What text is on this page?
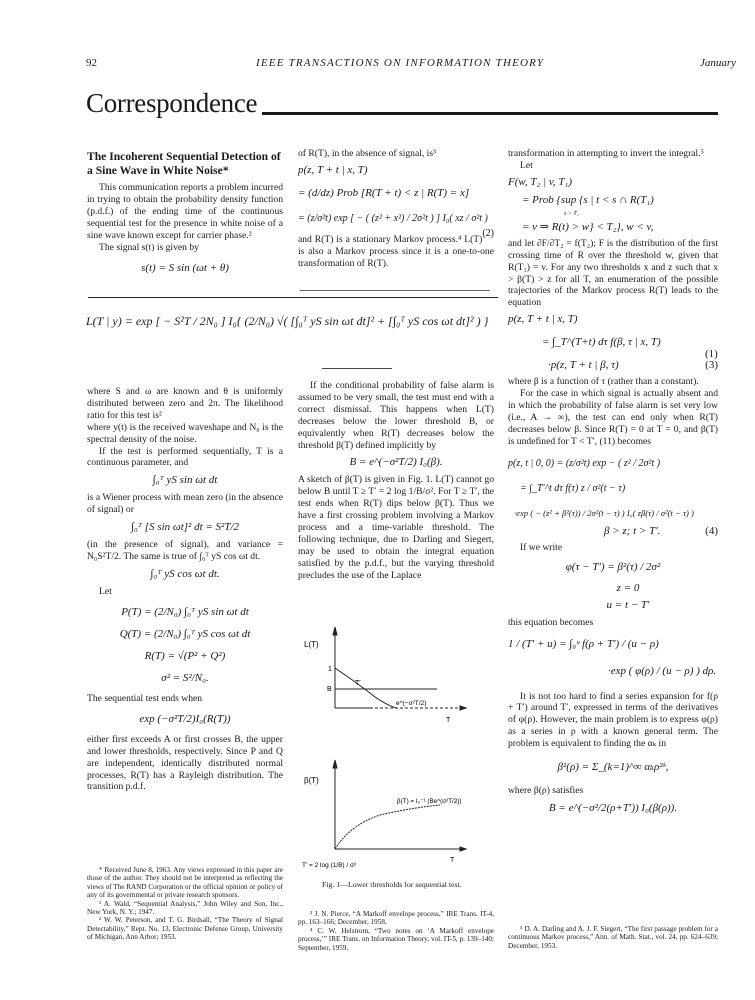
92	IEEE TRANSACTIONS ON INFORMATION THEORY	January
Correspondence
The Incoherent Sequential Detection of a Sine Wave in White Noise*

This communication reports a problem incurred in trying to obtain the probability density function (p.d.f.) of the ending time of the continuous sequential test for the presence in white noise of a sine wave known except for carrier phase.²

The signal s(t) is given by

s(t) = S sin (ωt + θ)
L(T | y) = exp [ − S²T / 2N₀ ] I₀{ (2/N₀) √( [∫₀ᵀ yS sin ωt dt]² + [∫₀ᵀ yS cos ωt dt]² ) }
(1)

where S and ω are known and θ is uniformly distributed between zero and 2π. The likelihood ratio for this test is²

where y(t) is the received waveshape and N₀ is the spectral density of the noise.

If the test is performed sequentially, T is a continuous parameter, and

∫₀ᵀ yS sin ωt dt

is a Wiener process with mean zero (in the absence of signal) or

∫₀ᵀ [S sin ωt]² dt = S²T/2

(in the presence of signal), and variance = N₀S²T/2. The same is true of ∫₀ᵀ yS cos ωt dt.

∫₀ᵀ yS cos ωt dt.

Let

P(T) = (2/N₀) ∫₀ᵀ yS sin ωt dt
Q(T) = (2/N₀) ∫₀ᵀ yS cos ωt dt
R(T) = √(P² + Q²)
σ² = S²/N₀.

The sequential test ends when

exp (−σ²T/2)I₀(R(T))

either first exceeds A or first crosses B, the upper and lower thresholds, respectively. Since P and Q are independent, identically distributed normal processes, R(T) has a Rayleigh distribution. The transition p.d.f.

* Received June 8, 1963. Any views expressed in this paper are those of the author. They should not be interpreted as reflecting the views of The RAND Corporation or the official opinion or policy of any of its governmental or private research sponsors.

¹ A. Wald, “Sequential Analysis,” John Wiley and Son, Inc., New York, N. Y.; 1947.

² W. W. Peterson, and T. G. Birdsall, “The Theory of Signal Detectability,” Rept. No. 13, Electronic Defense Group, University of Michigan, Ann Arbor; 1953.

of R(T), in the absence of signal, is³

p(z, T + t | x, T)
= (d/dz) Prob [R(T + t) < z | R(T) = x]
= (z/σ²t) exp [ − ( (z² + x²) / 2σ²t ) ] I₀( xz / σ²t )
(2)

and R(T) is a stationary Markov process.⁴ L(T) is also a Markov process since it is a one-to-one transformation of R(T).

If the conditional probability of false alarm is assumed to be very small, the test must end with a correct dismissal. This happens when L(T) decreases below the lower threshold B, or equivalently when R(T) decreases below the threshold β(T) defined implicitly by

B = e^(−σ²T/2) I₀(β).

A sketch of β(T) is given in Fig. 1. L(T) cannot go below B until T ≥ T′ = 2 log 1/B/σ². For T ≥ T′, the test ends when R(T) dips below β(T). Thus we have a first crossing problem involving a Markov process and a time-variable threshold. The following technique, due to Darling and Siegert, may be used to obtain the integral equation satisfied by the p.d.f., but the varying threshold precludes the use of the Laplace

L(T)
1
B
T′
e^(−σ²T/2)
T
β(T)
β(T) = I₀⁻¹ (Be^(σ²T/2))
T′ = 2 log (1/B) / σ²
T
Fig. 1—Lower thresholds for sequential test.

³ J. N. Pierce, “A Markoff envelope process,” IRE Trans. IT-4, pp. 163–166; December, 1958.

⁴ C. W. Helstrom, “Two notes on ‘A Markoff envelope process,’” IRE Trans. on Information Theory, vol. IT-5, p. 139–140; September, 1959.

transformation in attempting to invert the integral.⁵

Let

F(w, T₂ | v, T₁)
= Prob {sup {s | t < s ∩ R(T₁)
s > T₁
= v ⇒ R(t) > w} < T₂}, w < v,

and let ∂F/∂T₂ = f(T₂); F is the distribution of the first crossing time of R over the threshold w, given that R(T₁) = v. For any two thresholds x and z such that x > β(T) > z for all T, an enumeration of the possible trajectories of the Markov process R(T) leads to the equation

p(z, T + t | x, T)
= ∫_T^(T+t) dτ f(β, τ | x, T)
·p(z, T + t | β, τ)	(3)

where β is a function of τ (rather than a constant).

For the case in which signal is actually absent and in which the probability of false alarm is set very low (i.e., A → ∞), the test can end only when R(T) decreases below β. Since R(T) = 0 at T = 0, and β(T) is undefined for T < T′, (11) becomes

p(z, t | 0, 0) = (z/σ²t) exp − ( z² / 2σ²t )
= ∫_T′^t dτ f(τ) z / σ²(t − τ)
·exp ( − (z² + β²(τ)) / 2σ²(t − τ) ) I₀( zβ(τ) / σ²(t − τ) )
β > z; t > T′.	(4)

If we write

φ(τ − T′) = β²(τ) / 2σ²
z = 0
u = t − T′

this equation becomes

1 / (T′ + u) = ∫₀ᵘ f(ρ + T′) / (u − ρ)
·exp ( φ(ρ) / (u − ρ) ) dρ.

It is not too hard to find a series expansion for f(ρ + T′) around T′, expressed in terms of the derivatives of φ(ρ). However, the main problem is to express φ(ρ) as a series in ρ with a known general term. The problem is equivalent to finding the αₖ in

β²(ρ) = Σ_(k=1)^∞ αₖρ²ᵏ,

where β(ρ) satisfies

B = e^(−σ²/2(ρ+T′)) I₀(β(ρ)).

⁵ D. A. Darling and A. J. F. Siegert, “The first passage problem for a continuous Markov process,” Ann. of Math. Stat., vol. 24, pp. 624–639; December, 1953.
